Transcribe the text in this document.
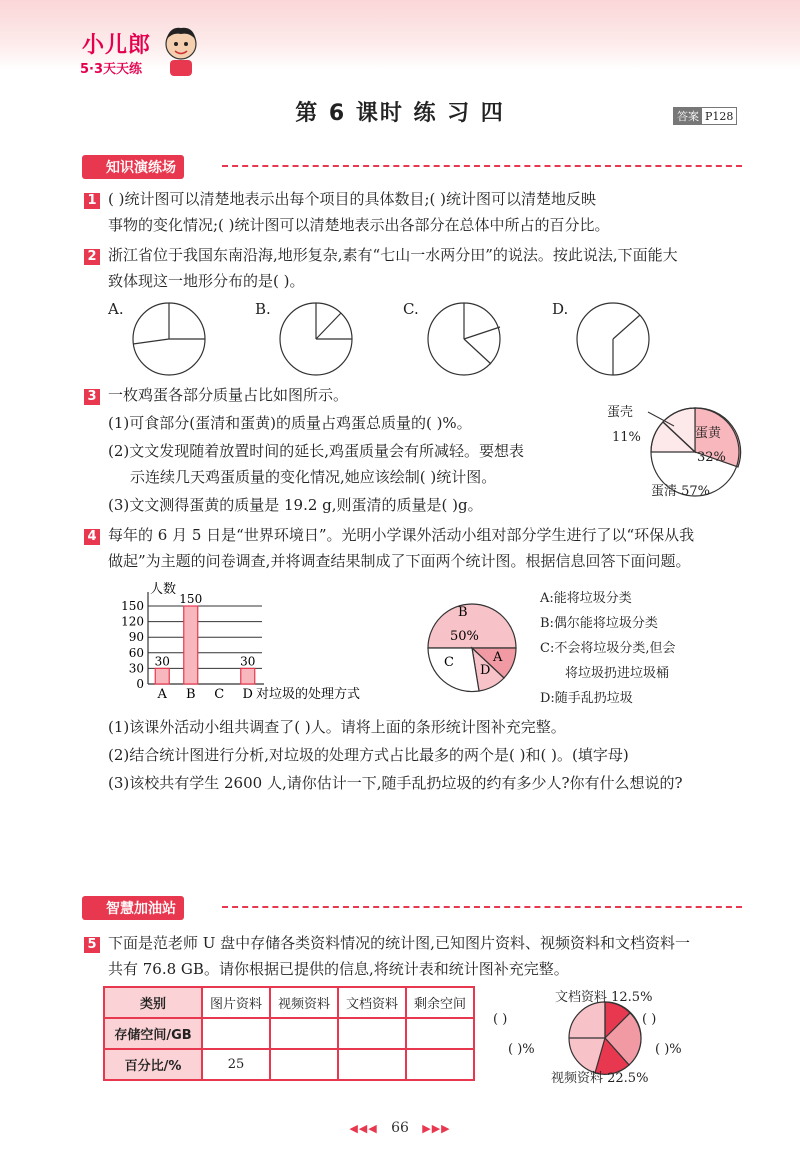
小儿郎
5·3天天练
第 6 课时 练 习 四	答案 P128
知识演练场
1 ( )统计图可以清楚地表示出每个项目的具体数目;( )统计图可以清楚地反映
事物的变化情况;( )统计图可以清楚地表示出各部分在总体中所占的百分比。
2 浙江省位于我国东南沿海,地形复杂,素有“七山一水两分田”的说法。按此说法,下面能大
致体现这一地形分布的是( )。
A.	B.	C.	D.
3 一枚鸡蛋各部分质量占比如图所示。
(1)可食部分(蛋清和蛋黄)的质量占鸡蛋总质量的( )%。
(2)文文发现随着放置时间的延长,鸡蛋质量会有所减轻。要想表
示连续几天鸡蛋质量的变化情况,她应该绘制( )统计图。
(3)文文测得蛋黄的质量是 19.2 g,则蛋清的质量是( )g。
蛋壳
11%	蛋黄
32%
蛋清 57%
4 每年的 6 月 5 日是“世界环境日”。光明小学课外活动小组对部分学生进行了以“环保从我
做起”为主题的问卷调查,并将调查结果制成了下面两个统计图。根据信息回答下面问题。
0
30
60
90
120
150
30
A
150
B C
30
D
人数
对垃圾的处理方式
B
50%
C	A
D
A:能将垃圾分类
B:偶尔能将垃圾分类
C:不会将垃圾分类,但会
将垃圾扔进垃圾桶
D:随手乱扔垃圾
(1)该课外活动小组共调查了( )人。请将上面的条形统计图补充完整。
(2)结合统计图进行分析,对垃圾的处理方式占比最多的两个是( )和( )。(填字母)
(3)该校共有学生 2600 人,请你估计一下,随手乱扔垃圾的约有多少人?你有什么想说的?
智慧加油站
5 下面是范老师 U 盘中存储各类资料情况的统计图,已知图片资料、视频资料和文档资料一
共有 76.8 GB。请你根据已提供的信息,将统计表和统计图补充完整。
类别	图片资料	视频资料	文档资料	剩余空间
存储空间/GB				
百分比/%	25			
文档资料 12.5%
视频资料 22.5%
( )	( )
( )%	( )%
◀◀◀ 66 ▶▶▶
